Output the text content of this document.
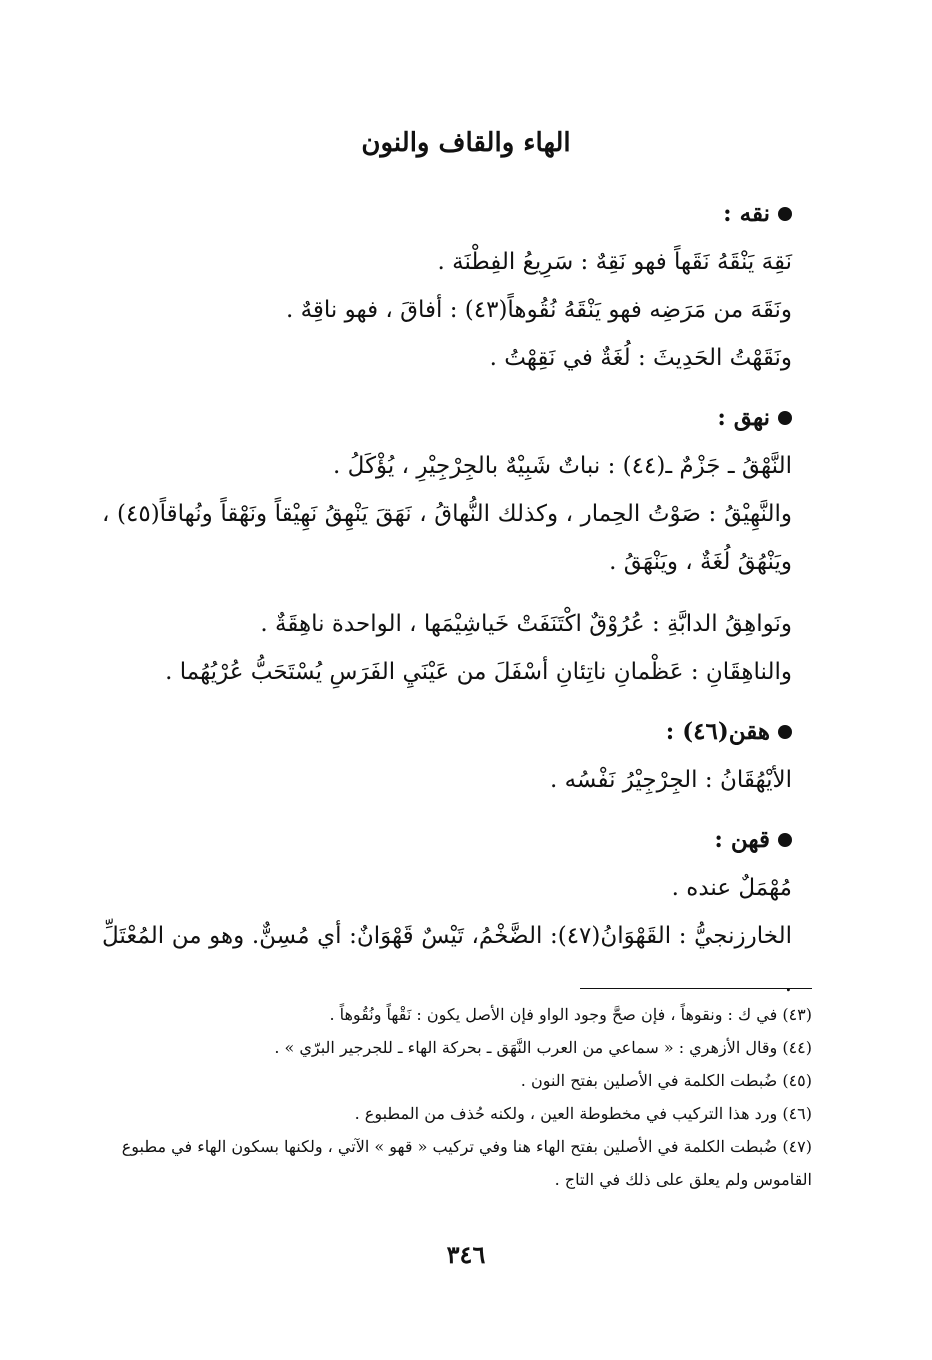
الهاء والقاف والنون

نقه :

نَقِهَ يَنْقَهُ نَقَهاً فهو نَقِهٌ : سَرِيعُ الفِطْنَة .

ونَقَهَ من مَرَضِه فهو يَنْقَهُ نُقُوهاً(٤٣) : أفاقَ ، فهو ناقِهٌ .

ونَقَهْتُ الحَدِيثَ : لُغَةٌ في نَقِهْتُ .

نهق :

النَّهْقُ ـ جَزْمٌ ـ(٤٤) : نباتٌ شَبِيْهٌ بالجِرْجِيْرِ ، يُؤْكَلُ .

والنَّهِيْقُ : صَوْتُ الحِمار ، وكذلك النُّهاقُ ، نَهَقَ يَنْهِقُ نَهِيْقاً ونَهْقاً ونُهاقاً(٤٥) ، ويَنْهُقُ لُغَةٌ ، ويَنْهَقُ .

ونَواهِقُ الدابَّةِ : عُرُوْقٌ اكْتَنَفَتْ خَياشِيْمَها ، الواحدة ناهِقَةٌ .

والناهِقَانِ : عَظْمانِ ناتِئانِ أسْفَلَ من عَيْنَيِ الفَرَسِ يُسْتَحَبُّ عُرْيُهُما .

هقن(٤٦) :

الأيْهُقَانُ : الجِرْجِيْرُ نَفْسُه .

قهن :

مُهْمَلٌ عنده .

الخارزنجيُّ : القَهْوَانُ(٤٧): الضَّخْمُ، تَيْسٌ قَهْوَانٌ: أي مُسِنٌّ. وهو من المُعْتَلِّ .

(٤٣) في ك : ونقوهاً ، فإن صحَّ وجود الواو فإن الأصل يكون : نَقْهاً ونُقُوهاً .

(٤٤) وقال الأزهري : « سماعي من العرب النَّهَق ـ بحركة الهاء ـ للجرجير البرّي » .

(٤٥) ضُبطت الكلمة في الأصلين بفتح النون .

(٤٦) ورد هذا التركيب في مخطوطة العين ، ولكنه حُذف من المطبوع .

(٤٧) ضُبطت الكلمة في الأصلين بفتح الهاء هنا وفي تركيب « قهو » الآتي ، ولكنها بسكون الهاء في مطبوع القاموس ولم يعلق على ذلك في التاج .

٣٤٦
